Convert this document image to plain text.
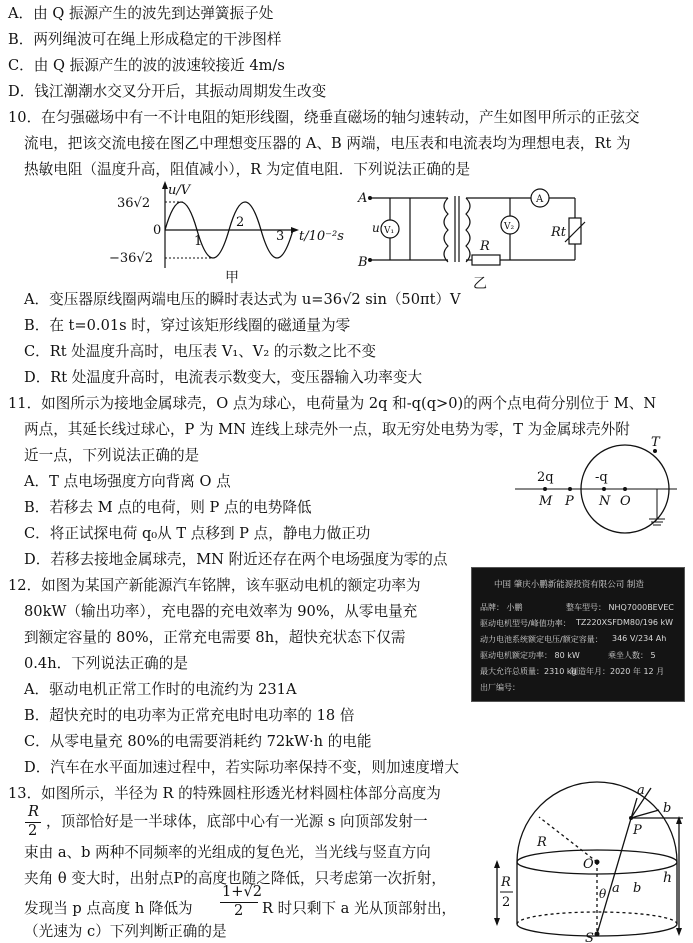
A．由 Q 振源产生的波先到达弹簧振子处
B．两列绳波可在绳上形成稳定的干涉图样
C．由 Q 振源产生的波的波速较接近 4m/s
D．钱江潮潮水交叉分开后，其振动周期发生改变
10．在匀强磁场中有一不计电阻的矩形线圈，绕垂直磁场的轴匀速转动，产生如图甲所示的正弦交
流电，把该交流电接在图乙中理想变压器的 A、B 两端，电压表和电流表均为理想电表，Rt 为
热敏电阻（温度升高，阻值减小），R 为定值电阻．下列说法正确的是
u/V
36√2
0
−36√2
1
2
3 t/10⁻²s
甲
A
B
u V₁	V₂
A
R
Rt
乙
A．变压器原线圈两端电压的瞬时表达式为 u=36√2 sin（50πt）V
B．在 t=0.01s 时，穿过该矩形线圈的磁通量为零
C．Rt 处温度升高时，电压表 V₁、V₂ 的示数之比不变
D．Rt 处温度升高时，电流表示数变大，变压器输入功率变大
11．如图所示为接地金属球壳，O 点为球心，电荷量为 2q 和-q(q>0)的两个点电荷分别位于 M、N
两点，其延长线过球心，P 为 MN 连线上球壳外一点，取无穷处电势为零，T 为金属球壳外附
近一点，下列说法正确的是
A．T 点电场强度方向背离 O 点
B．若移去 M 点的电荷，则 P 点的电势降低
C．将正试探电荷 q₀从 T 点移到 P 点，静电力做正功
D．若移去接地金属球壳，MN 附近还存在两个电场强度为零的点
T
2q	-q
M P N O
12．如图为某国产新能源汽车铭牌，该车驱动电机的额定功率为
80kW（输出功率），充电器的充电效率为 90%，从零电量充
到额定容量的 80%，正常充电需要 8h，超快充状态下仅需
0.4h．下列说法正确的是
A．驱动电机正常工作时的电流约为 231A
B．超快充时的电功率为正常充电时电功率的 18 倍
C．从零电量充 80%的电需要消耗约 72kW·h 的电能
D．汽车在水平面加速过程中，若实际功率保持不变，则加速度增大
中国 肇庆小鹏新能源投资有限公司 制造
品牌： 小鹏	整车型号： NHQ7000BEVEC
驱动电机型号/峰值功率： TZ220XSFDM80/196 kW
动力电池系统额定电压/额定容量： 346 V/234 Ah
驱动电机额定功率： 80 kW	乘坐人数： 5
最大允许总质量：2310 kg
制造年月：2020 年 12 月
出厂编号：
13．如图所示，半径为 R 的特殊圆柱形透光材料圆柱体部分高度为
R
2
，顶部恰好是一半球体，底部中心有一光源 s 向顶部发射一
束由 a、b 两种不同频率的光组成的复色光，当光线与竖直方向
夹角 θ 变大时，出射点P的高度也随之降低，只考虑第一次折射，
发现当 p 点高度 h 降低为
1+√2
2 R 时只剩下 a 光从顶部射出，
（光速为 c）下列判断正确的是
a
b
P
R
O
θ a b
S
h
R
2
